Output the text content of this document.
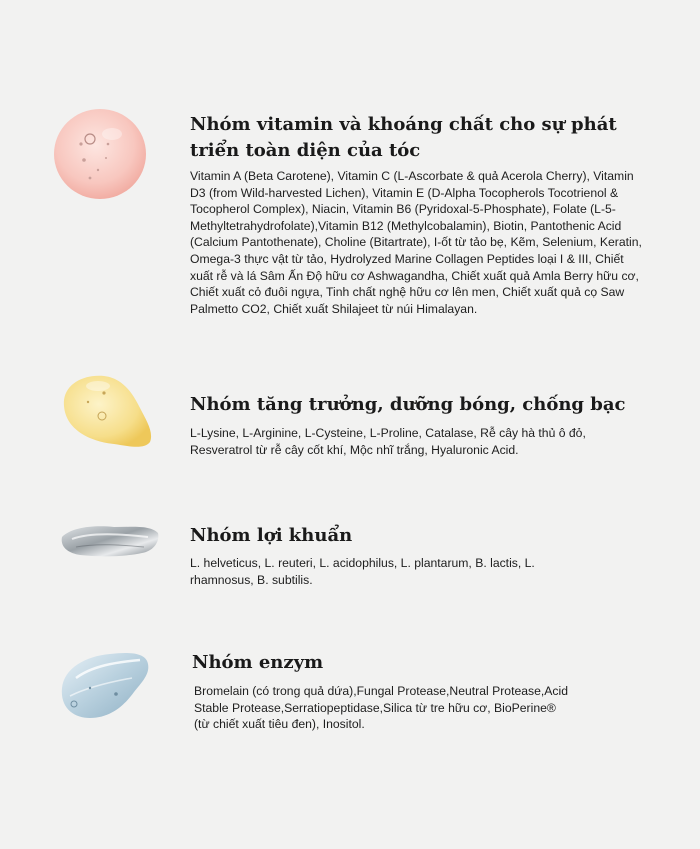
Nhóm vitamin và khoáng chất cho sự phát triển toàn diện của tóc

Vitamin A (Beta Carotene), Vitamin C (L-Ascorbate & quả Acerola Cherry), Vitamin D3 (from Wild-harvested Lichen), Vitamin E (D-Alpha Tocopherols Tocotrienol & Tocopherol Complex), Niacin, Vitamin B6 (Pyridoxal-5-Phosphate), Folate (L-5-Methyltetrahydrofolate),Vitamin B12 (Methylcobalamin), Biotin, Pantothenic Acid (Calcium Pantothenate), Choline (Bitartrate), I-ốt từ tảo bẹ, Kẽm, Selenium, Keratin, Omega-3 thực vật từ tảo, Hydrolyzed Marine Collagen Peptides loại I & III, Chiết xuất rễ và lá Sâm Ấn Độ hữu cơ Ashwagandha, Chiết xuất quả Amla Berry hữu cơ, Chiết xuất cỏ đuôi ngựa, Tinh chất nghệ hữu cơ lên men, Chiết xuất quả cọ Saw Palmetto CO2, Chiết xuất Shilajeet từ núi Himalayan.

Nhóm tăng trưởng, dưỡng bóng, chống bạc

L-Lysine, L-Arginine, L-Cysteine, L-Proline, Catalase, Rễ cây hà thủ ô đỏ, Resveratrol từ rễ cây cốt khí, Mộc nhĩ trắng, Hyaluronic Acid.

Nhóm lợi khuẩn

L. helveticus, L. reuteri, L. acidophilus, L. plantarum, B. lactis, L. rhamnosus, B. subtilis.

Nhóm enzym

Bromelain (có trong quả dứa),Fungal Protease,Neutral Protease,Acid Stable Protease,Serratiopeptidase,Silica từ tre hữu cơ, BioPerine® (từ chiết xuất tiêu đen), Inositol.
